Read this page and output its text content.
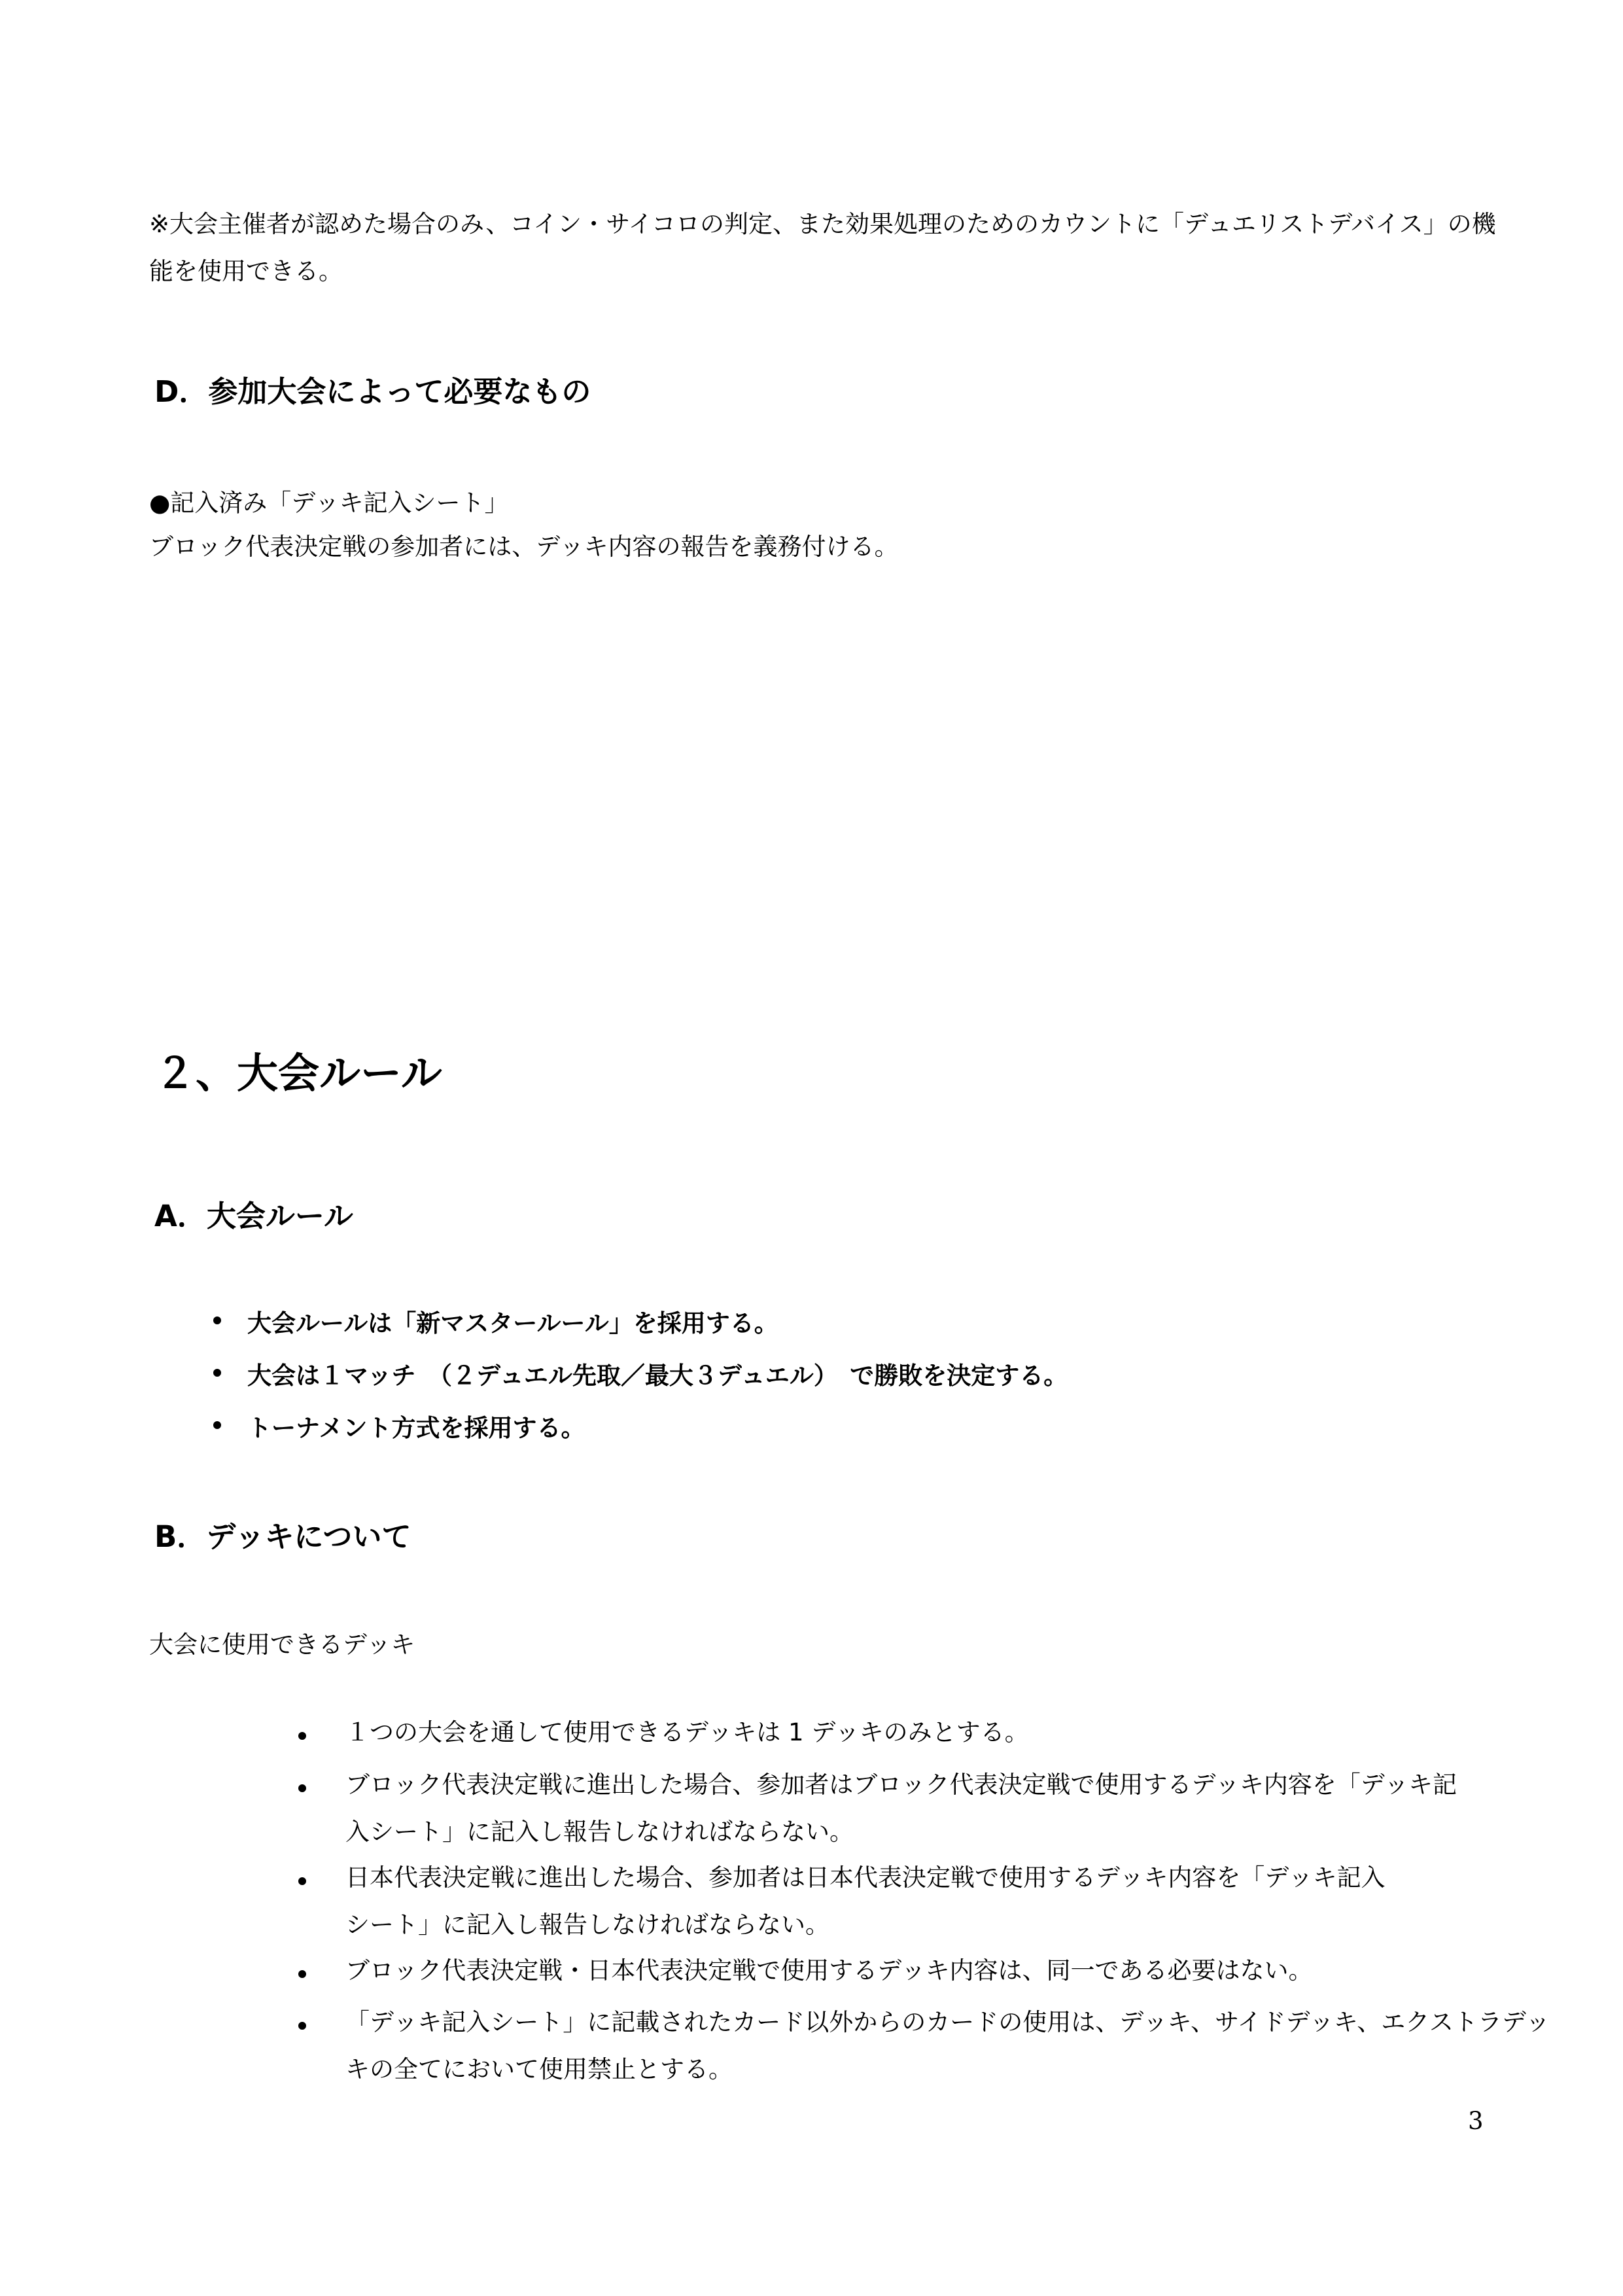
※大会主催者が認めた場合のみ、コイン・サイコロの判定、また効果処理のためのカウントに「デュエリストデバイス」の機
能を使用できる。
D．参加大会によって必要なもの
●記入済み「デッキ記入シート」
ブロック代表決定戦の参加者には、デッキ内容の報告を義務付ける。
２、大会ルール
A．大会ルール
大会ルールは「新マスタールール」を採用する。
大会は１マッチ　（２デュエル先取／最大３デュエル）　で勝敗を決定する。
トーナメント方式を採用する。
B．デッキについて
大会に使用できるデッキ
１つの大会を通して使用できるデッキは 1 デッキのみとする。
ブロック代表決定戦に進出した場合、参加者はブロック代表決定戦で使用するデッキ内容を「デッキ記
入シート」に記入し報告しなければならない。
日本代表決定戦に進出した場合、参加者は日本代表決定戦で使用するデッキ内容を「デッキ記入
シート」に記入し報告しなければならない。
ブロック代表決定戦・日本代表決定戦で使用するデッキ内容は、同一である必要はない。
「デッキ記入シート」に記載されたカード以外からのカードの使用は、デッキ、サイドデッキ、エクストラデッ
キの全てにおいて使用禁止とする。
3
